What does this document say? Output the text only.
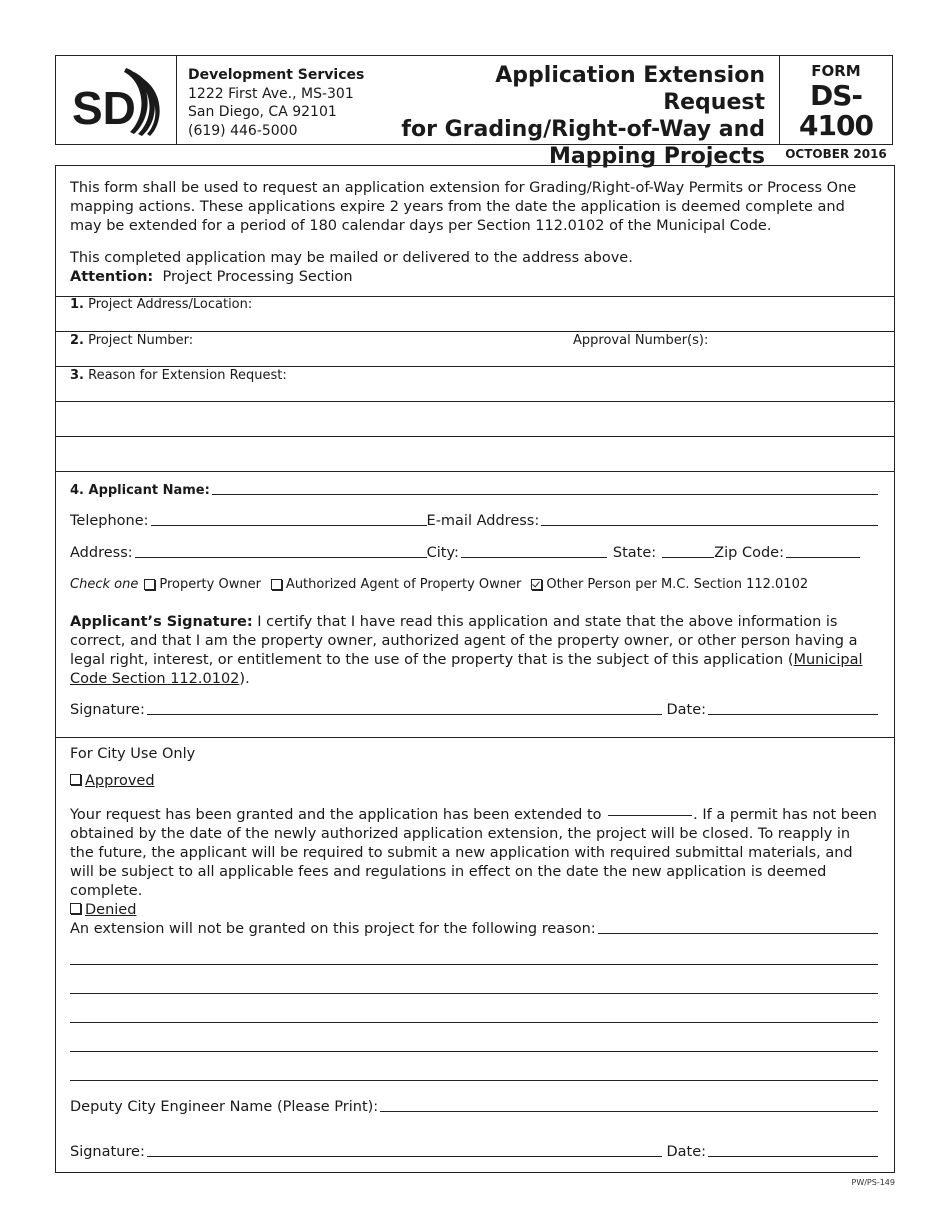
SD
Development Services
1222 First Ave., MS-301
San Diego, CA 92101
(619) 446-5000
Application Extension Request
for Grading/Right-of-Way and
Mapping Projects
FORM
DS-4100
OCTOBER 2016
This form shall be used to request an application extension for Grading/Right-of-Way Permits or Process One mapping actions. These applications expire 2 years from the date the application is deemed complete and may be extended for a period of 180 calendar days per Section 112.0102 of the Municipal Code.
This completed application may be mailed or delivered to the address above.
Attention: Project Processing Section
1. Project Address/Location:
2. Project Number:	Approval Number(s):
3. Reason for Extension Request:
4. Applicant Name:
Telephone:	E-mail Address:
Address:	City:	State:	Zip Code:
Check one Property Owner Authorized Agent of Property Owner Other Person per M.C. Section 112.0102
Applicant’s Signature: I certify that I have read this application and state that the above information is correct, and that I am the property owner, authorized agent of the property owner, or other person having a legal right, interest, or entitlement to the use of the property that is the subject of this application (Municipal Code Section 112.0102).
Signature:	Date:
For City Use Only
Approved
Your request has been granted and the application has been extended to	. If a permit has not been obtained by the date of the newly authorized application extension, the project will be closed. To reapply in the future, the applicant will be required to submit a new application with required submittal materials, and will be subject to all applicable fees and regulations in effect on the date the new application is deemed complete.
Denied
An extension will not be granted on this project for the following reason:
Deputy City Engineer Name (Please Print):
Signature:	Date:
PW/PS-149
